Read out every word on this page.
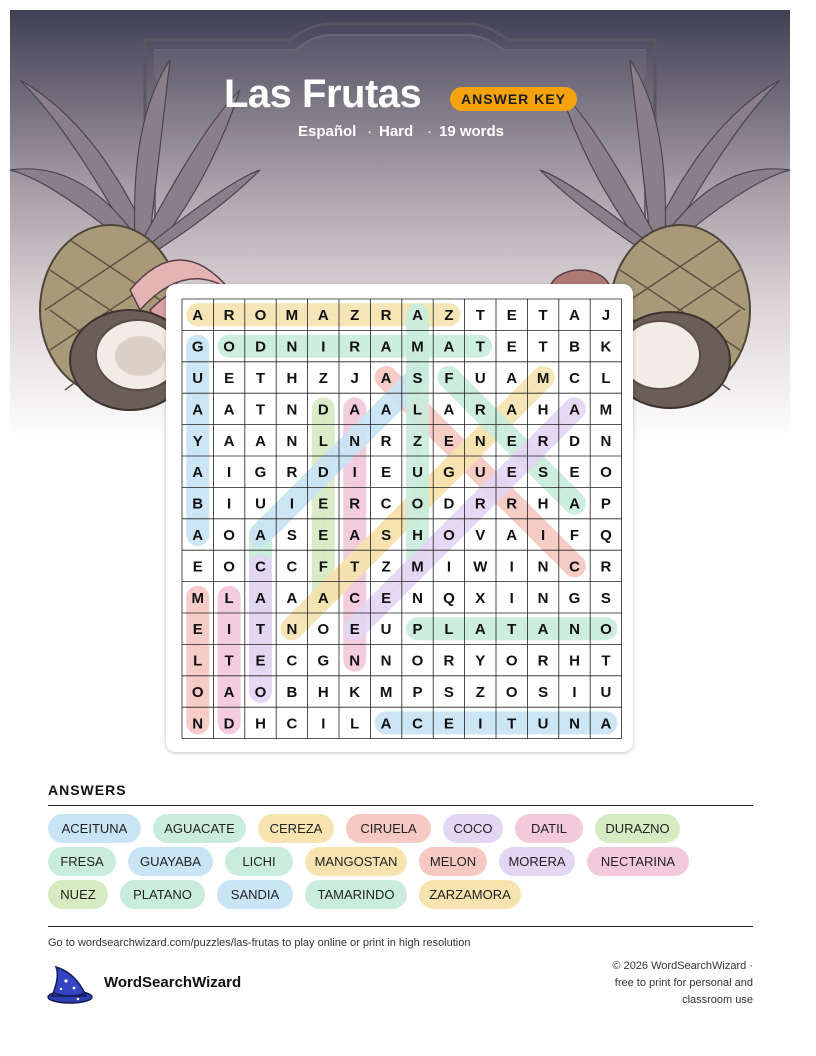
Las Frutas	ANSWER KEY
Español · Hard · 19 words
A R O M A Z R A Z T E T A J
G O D N I R A M A T E T B K
U E T H Z J A S F U A M C L
A A T N D A A L A R A H A M
Y A A N L N R Z E N E R D N
A I G R D I E U G U E S E O
B I U I E R C O D R R H A P
A O A S E A S H O V A I F Q
E O C C F T Z M I W I N C R
M L A A A C E N Q X I N G S
E I T N O E U P L A T A N O
L T E C G N N O R Y O R H T
O A O B H K M P S Z O S I U
N D H C I L A C E I T U N A
ANSWERS
ACEITUNA	AGUACATE	CEREZA	CIRUELA	COCO	DATIL	DURAZNO
FRESA	GUAYABA	LICHI	MANGOSTAN	MELON	MORERA	NECTARINA
NUEZ	PLATANO	SANDIA	TAMARINDO	ZARZAMORA
Go to wordsearchwizard.com/puzzles/las-frutas to play online or print in high resolution
WordSearchWizard
© 2026 WordSearchWizard ·
free to print for personal and
classroom use
